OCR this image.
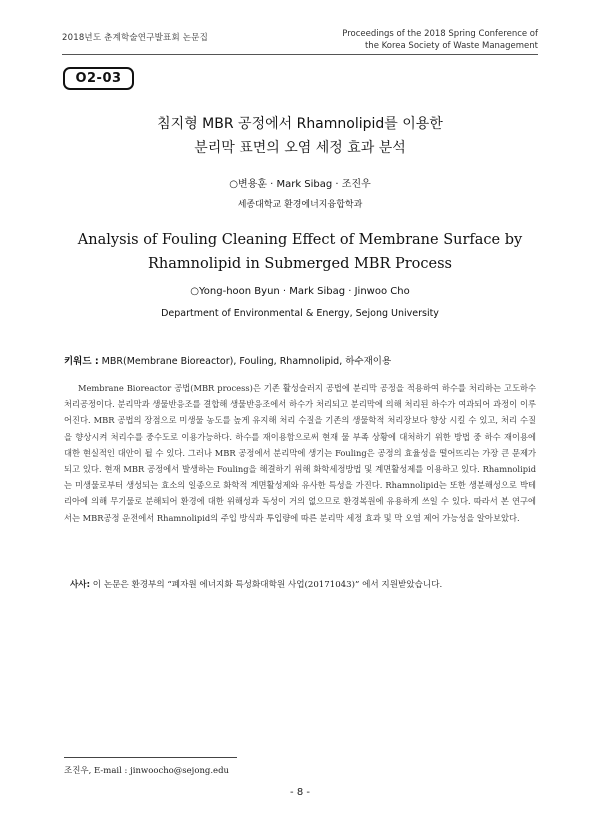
2018년도 춘계학술연구발표회 논문집	Proceedings of the 2018 Spring Conference of
the Korea Society of Waste Management
O2-03
침지형 MBR 공정에서 Rhamnolipid를 이용한
분리막 표면의 오염 세정 효과 분석
○변용훈 · Mark Sibag · 조진우
세종대학교 환경에너지융합학과
Analysis of Fouling Cleaning Effect of Membrane Surface by
Rhamnolipid in Submerged MBR Process
○Yong-hoon Byun · Mark Sibag · Jinwoo Cho
Department of Environmental & Energy, Sejong University
키워드 : MBR(Membrane Bioreactor), Fouling, Rhamnolipid, 하수재이용

Membrane Bioreactor 공법(MBR process)은 기존 활성슬러지 공법에 분리막 공정을 적용하여 하수를 처리하는 고도하수처리공정이다. 분리막과 생물반응조를 결합해 생물반응조에서 하수가 처리되고 분리막에 의해 처리된 하수가 여과되어 과정이 이루어진다. MBR 공법의 장점으로 미생물 농도를 높게 유지해 처리 수질을 기존의 생물학적 처리장보다 향상 시킬 수 있고, 처리 수질을 향상시켜 처리수를 중수도로 이용가능하다. 하수를 재이용함으로써 현재 물 부족 상황에 대처하기 위한 방법 중 하수 재이용에 대한 현실적인 대안이 될 수 있다. 그러나 MBR 공정에서 분리막에 생기는 Fouling은 공정의 효율성을 떨어뜨리는 가장 큰 문제가 되고 있다. 현재 MBR 공정에서 발생하는 Fouling을 해결하기 위해 화학세정방법 및 계면활성제를 이용하고 있다. Rhamnolipid는 미생물로부터 생성되는 효소의 일종으로 화학적 계면활성제와 유사한 특성을 가진다. Rhamnolipid는 또한 생분해성으로 박테리아에 의해 무기물로 분해되어 환경에 대한 위해성과 독성이 거의 없으므로 환경복원에 유용하게 쓰일 수 있다. 따라서 본 연구에서는 MBR공정 운전에서 Rhamnolipid의 주입 방식과 투입량에 따른 분리막 세정 효과 및 막 오염 제어 가능성을 알아보았다.

사사: 이 논문은 환경부의 “폐자원 에너지화 특성화대학원 사업(20171043)” 에서 지원받았습니다.
조진우, E-mail : jinwoocho@sejong.edu
- 8 -
